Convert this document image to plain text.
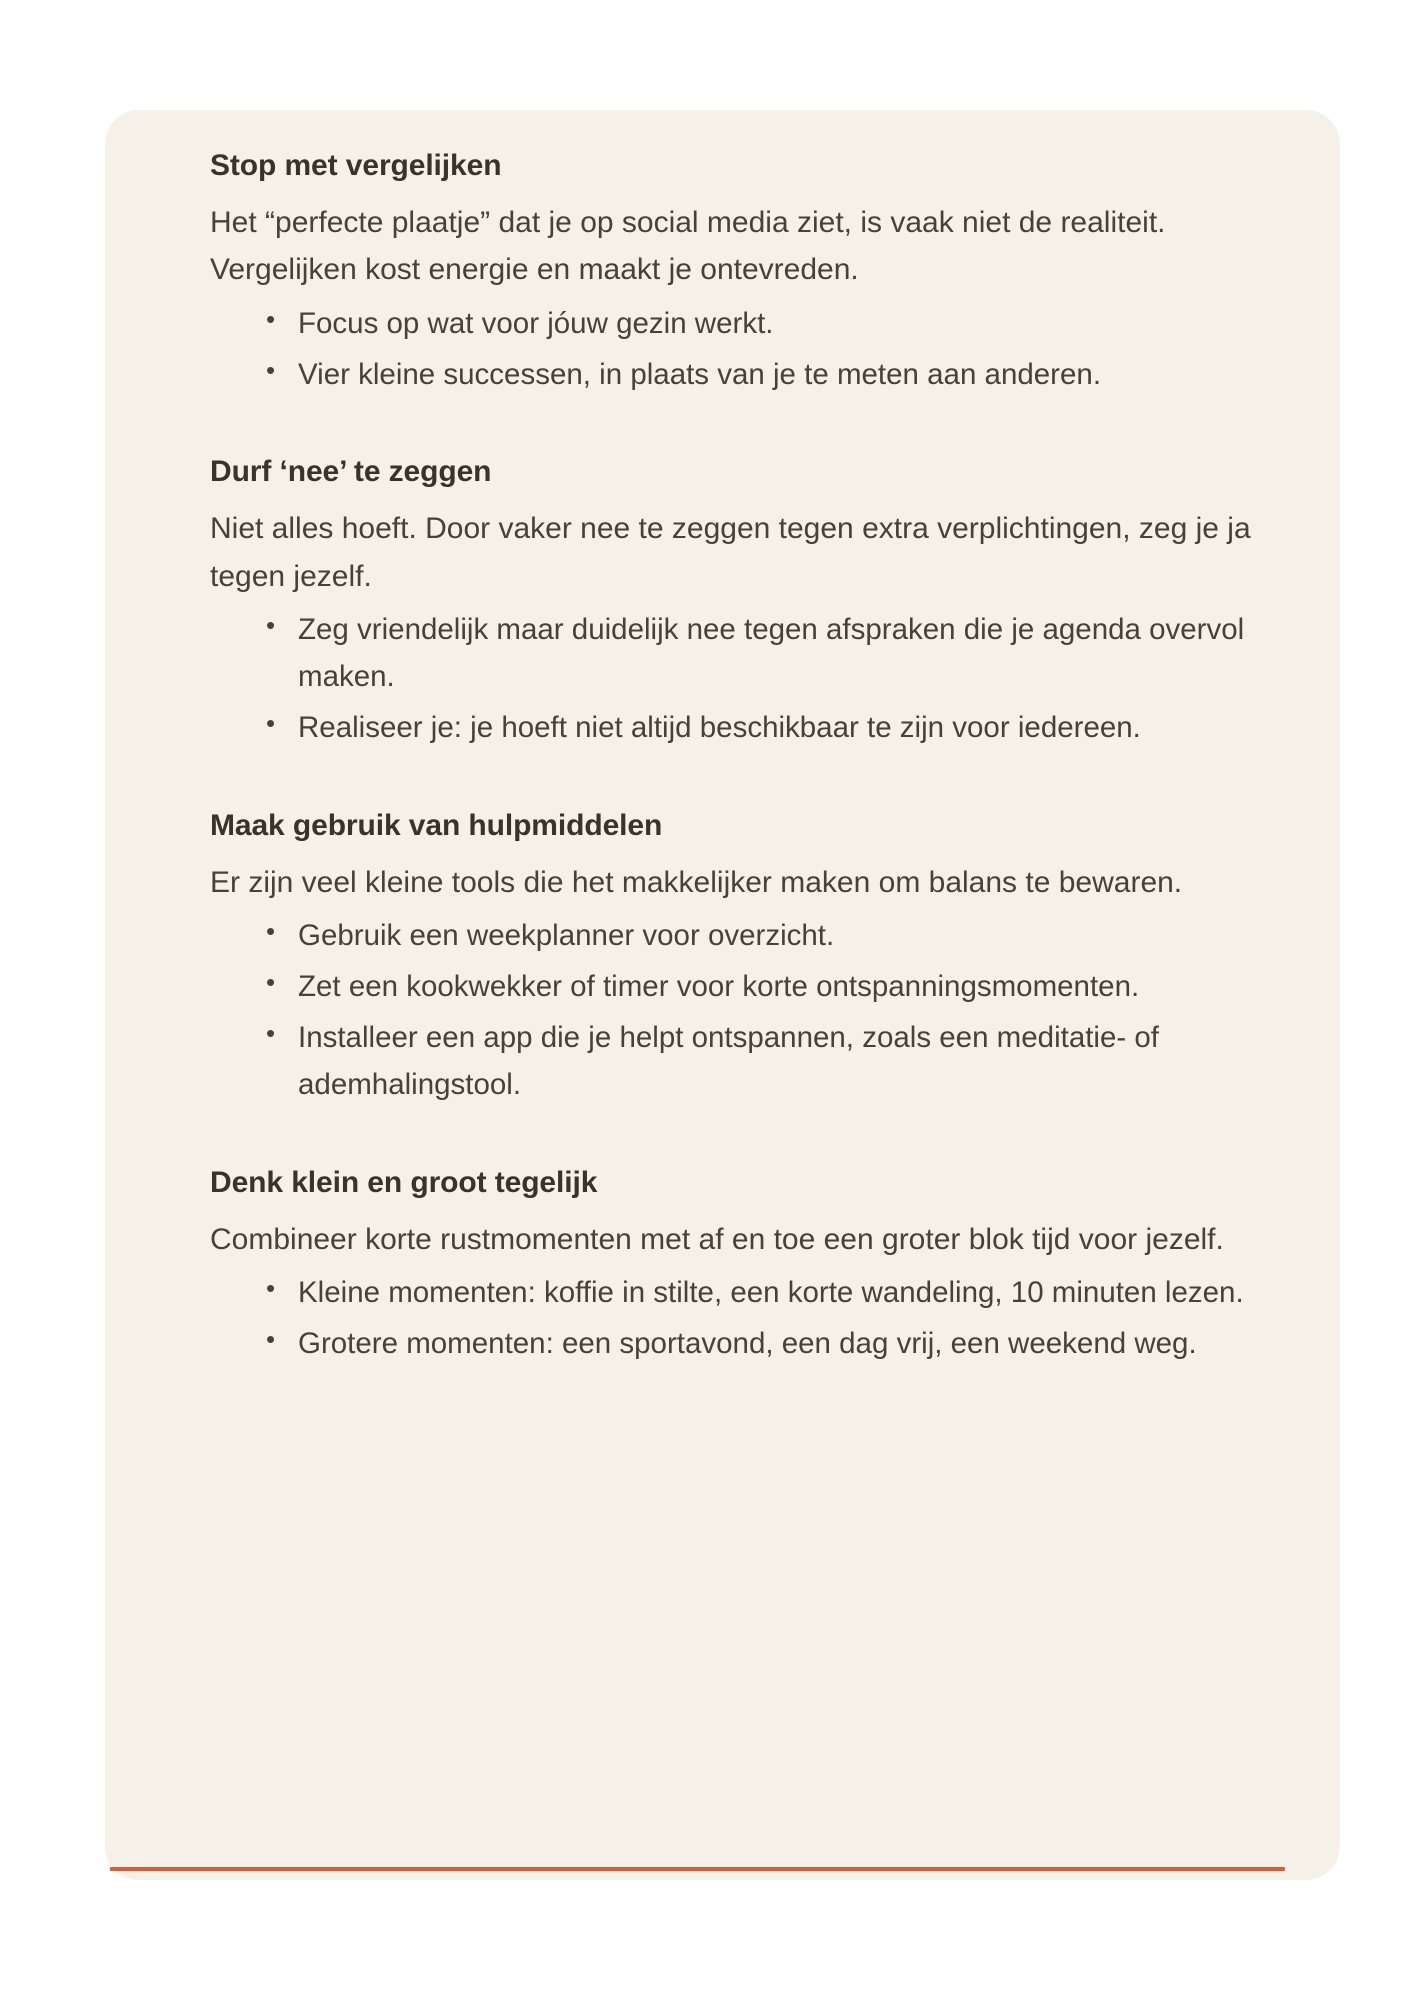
Stop met vergelijken

Het “perfecte plaatje” dat je op social media ziet, is vaak niet de realiteit. Vergelijken kost energie en maakt je ontevreden.

• Focus op wat voor jóuw gezin werkt.
• Vier kleine successen, in plaats van je te meten aan anderen.
Durf ‘nee’ te zeggen

Niet alles hoeft. Door vaker nee te zeggen tegen extra verplichtingen, zeg je ja tegen jezelf.

• Zeg vriendelijk maar duidelijk nee tegen afspraken die je agenda overvol maken.
• Realiseer je: je hoeft niet altijd beschikbaar te zijn voor iedereen.
Maak gebruik van hulpmiddelen

Er zijn veel kleine tools die het makkelijker maken om balans te bewaren.

• Gebruik een weekplanner voor overzicht.
• Zet een kookwekker of timer voor korte ontspanningsmomenten.
• Installeer een app die je helpt ontspannen, zoals een meditatie- of ademhalingstool.
Denk klein en groot tegelijk

Combineer korte rustmomenten met af en toe een groter blok tijd voor jezelf.

• Kleine momenten: koffie in stilte, een korte wandeling, 10 minuten lezen.
• Grotere momenten: een sportavond, een dag vrij, een weekend weg.
